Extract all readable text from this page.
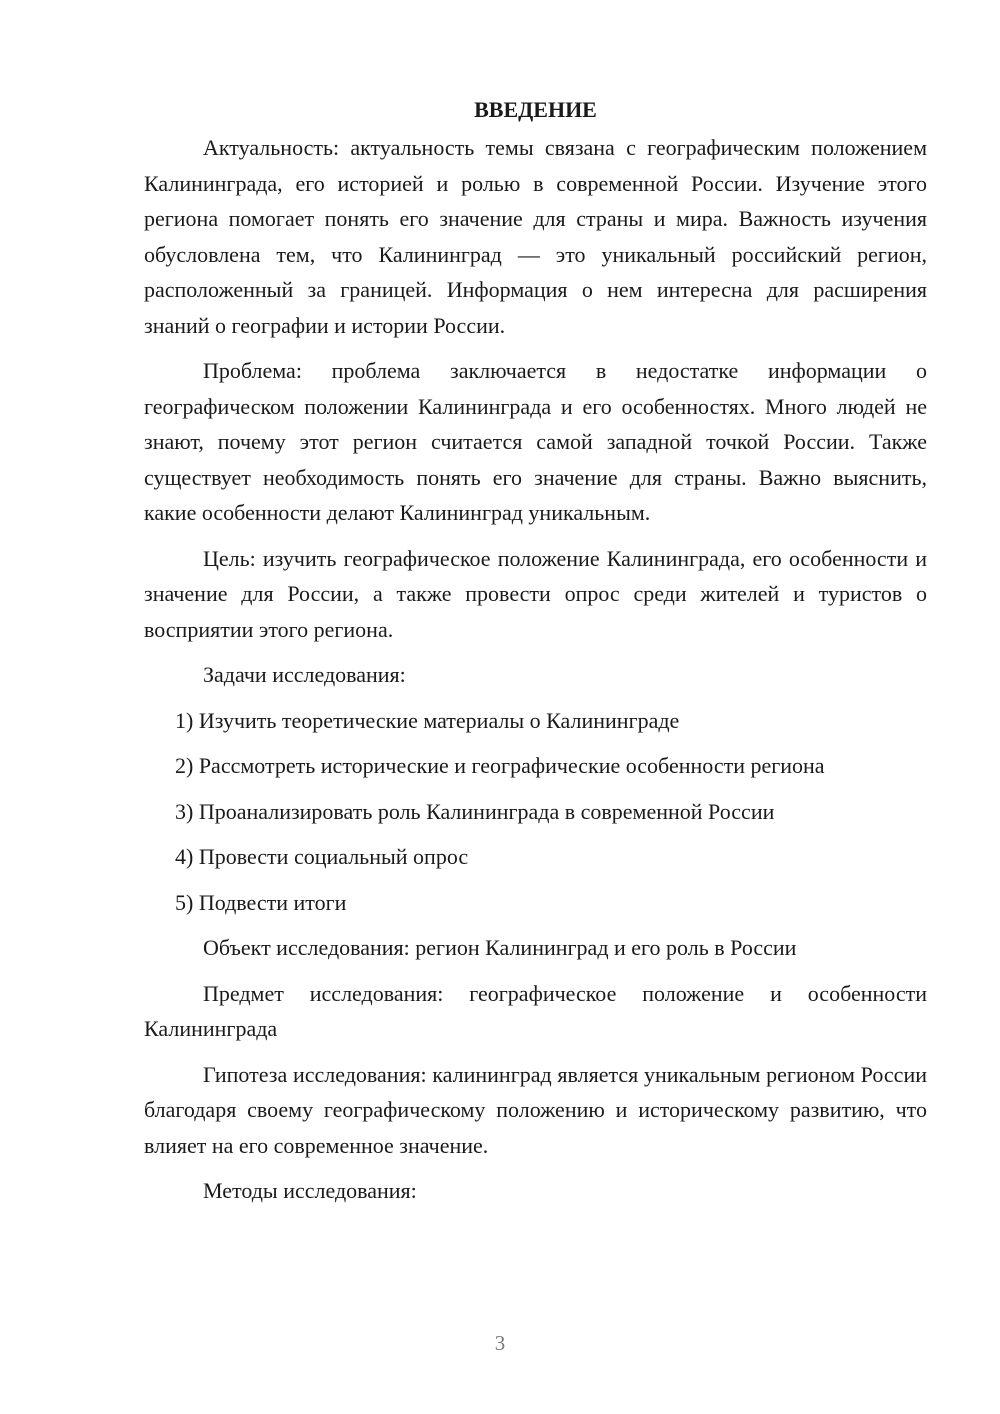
ВВЕДЕНИЕ

Актуальность: актуальность темы связана с географическим положением Калининграда, его историей и ролью в современной России. Изучение этого региона помогает понять его значение для страны и мира. Важность изучения обусловлена тем, что Калининград — это уникальный российский регион, расположенный за границей. Информация о нем интересна для расширения знаний о географии и истории России.

Проблема: проблема заключается в недостатке информации о географическом положении Калининграда и его особенностях. Много людей не знают, почему этот регион считается самой западной точкой России. Также существует необходимость понять его значение для страны. Важно выяснить, какие особенности делают Калининград уникальным.

Цель: изучить географическое положение Калининграда, его особенности и значение для России, а также провести опрос среди жителей и туристов о восприятии этого региона.

Задачи исследования:

1) Изучить теоретические материалы о Калининграде
2) Рассмотреть исторические и географические особенности региона
3) Проанализировать роль Калининграда в современной России
4) Провести социальный опрос
5) Подвести итоги

Объект исследования: регион Калининград и его роль в России

Предмет исследования: географическое положение и особенности Калининграда

Гипотеза исследования: калининград является уникальным регионом России благодаря своему географическому положению и историческому развитию, что влияет на его современное значение.

Методы исследования:

3
